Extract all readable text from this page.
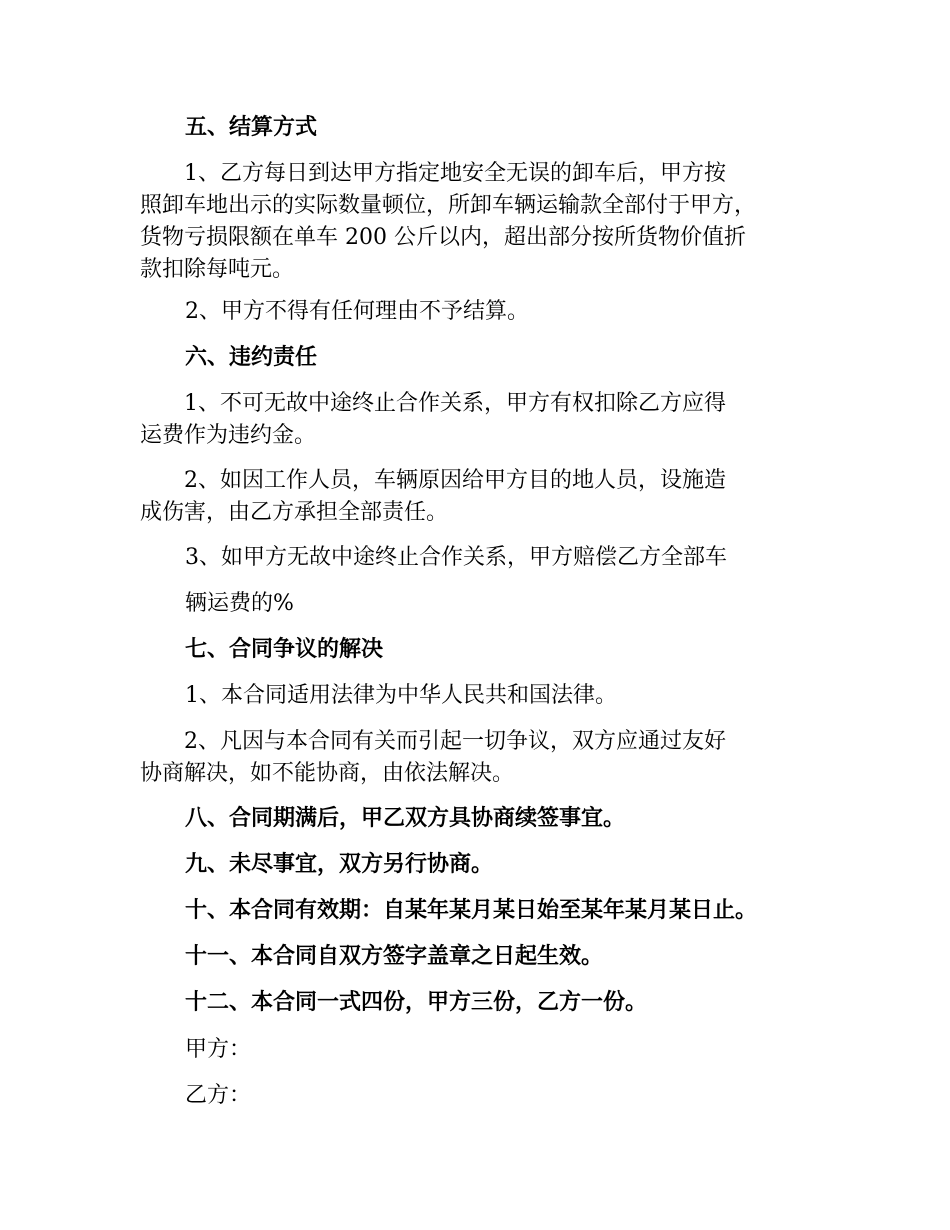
五、结算方式

1、乙方每日到达甲方指定地安全无误的卸车后，甲方按
照卸车地出示的实际数量顿位，所卸车辆运输款全部付于甲方，
货物亏损限额在单车 200 公斤以内，超出部分按所货物价值折
款扣除每吨元。

2、甲方不得有任何理由不予结算。

六、违约责任

1、不可无故中途终止合作关系，甲方有权扣除乙方应得
运费作为违约金。
2、如因工作人员，车辆原因给甲方目的地人员，设施造
成伤害，由乙方承担全部责任。

3、如甲方无故中途终止合作关系，甲方赔偿乙方全部车

辆运费的%

七、合同争议的解决

1、本合同适用法律为中华人民共和国法律。

2、凡因与本合同有关而引起一切争议，双方应通过友好
协商解决，如不能协商，由依法解决。

八、合同期满后，甲乙双方具协商续签事宜。

九、未尽事宜，双方另行协商。

十、本合同有效期：自某年某月某日始至某年某月某日止。

十一、本合同自双方签字盖章之日起生效。

十二、本合同一式四份，甲方三份，乙方一份。

甲方：

乙方：
